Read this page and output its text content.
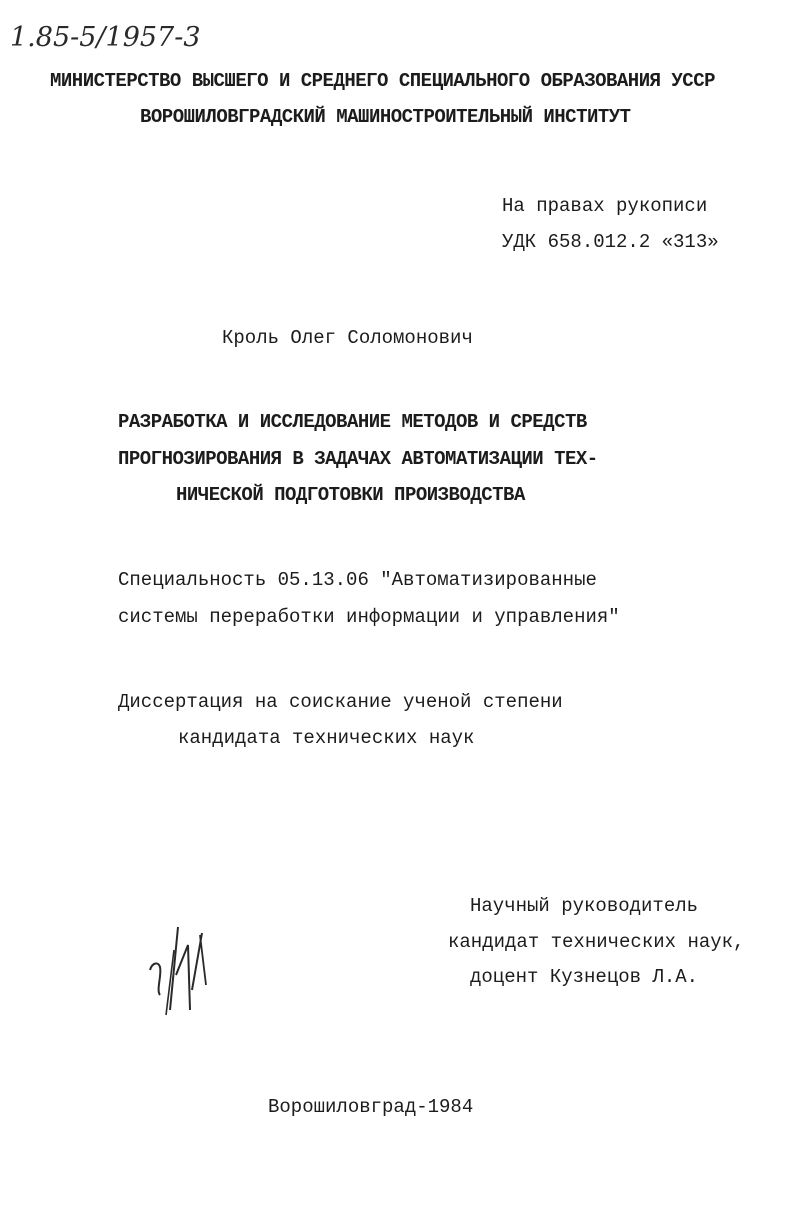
1.85-5/1957-3

МИНИСТЕРСТВО ВЫСШЕГО И СРЕДНЕГО СПЕЦИАЛЬНОГО ОБРАЗОВАНИЯ УССР

ВОРОШИЛОВГРАДСКИЙ МАШИНОСТРОИТЕЛЬНЫЙ ИНСТИТУТ

На правах рукописи

УДК 658.012.2 «313»

Кроль Олег Соломонович

РАЗРАБОТКА И ИССЛЕДОВАНИЕ МЕТОДОВ И СРЕДСТВ

ПРОГНОЗИРОВАНИЯ В ЗАДАЧАХ АВТОМАТИЗАЦИИ ТЕХ-

НИЧЕСКОЙ ПОДГОТОВКИ ПРОИЗВОДСТВА

Специальность 05.13.06 "Автоматизированные

системы переработки информации и управления"

Диссертация на соискание ученой степени

кандидата технических наук

Научный руководитель

кандидат технических наук,

доцент Кузнецов Л.А.

Ворошиловград-1984
